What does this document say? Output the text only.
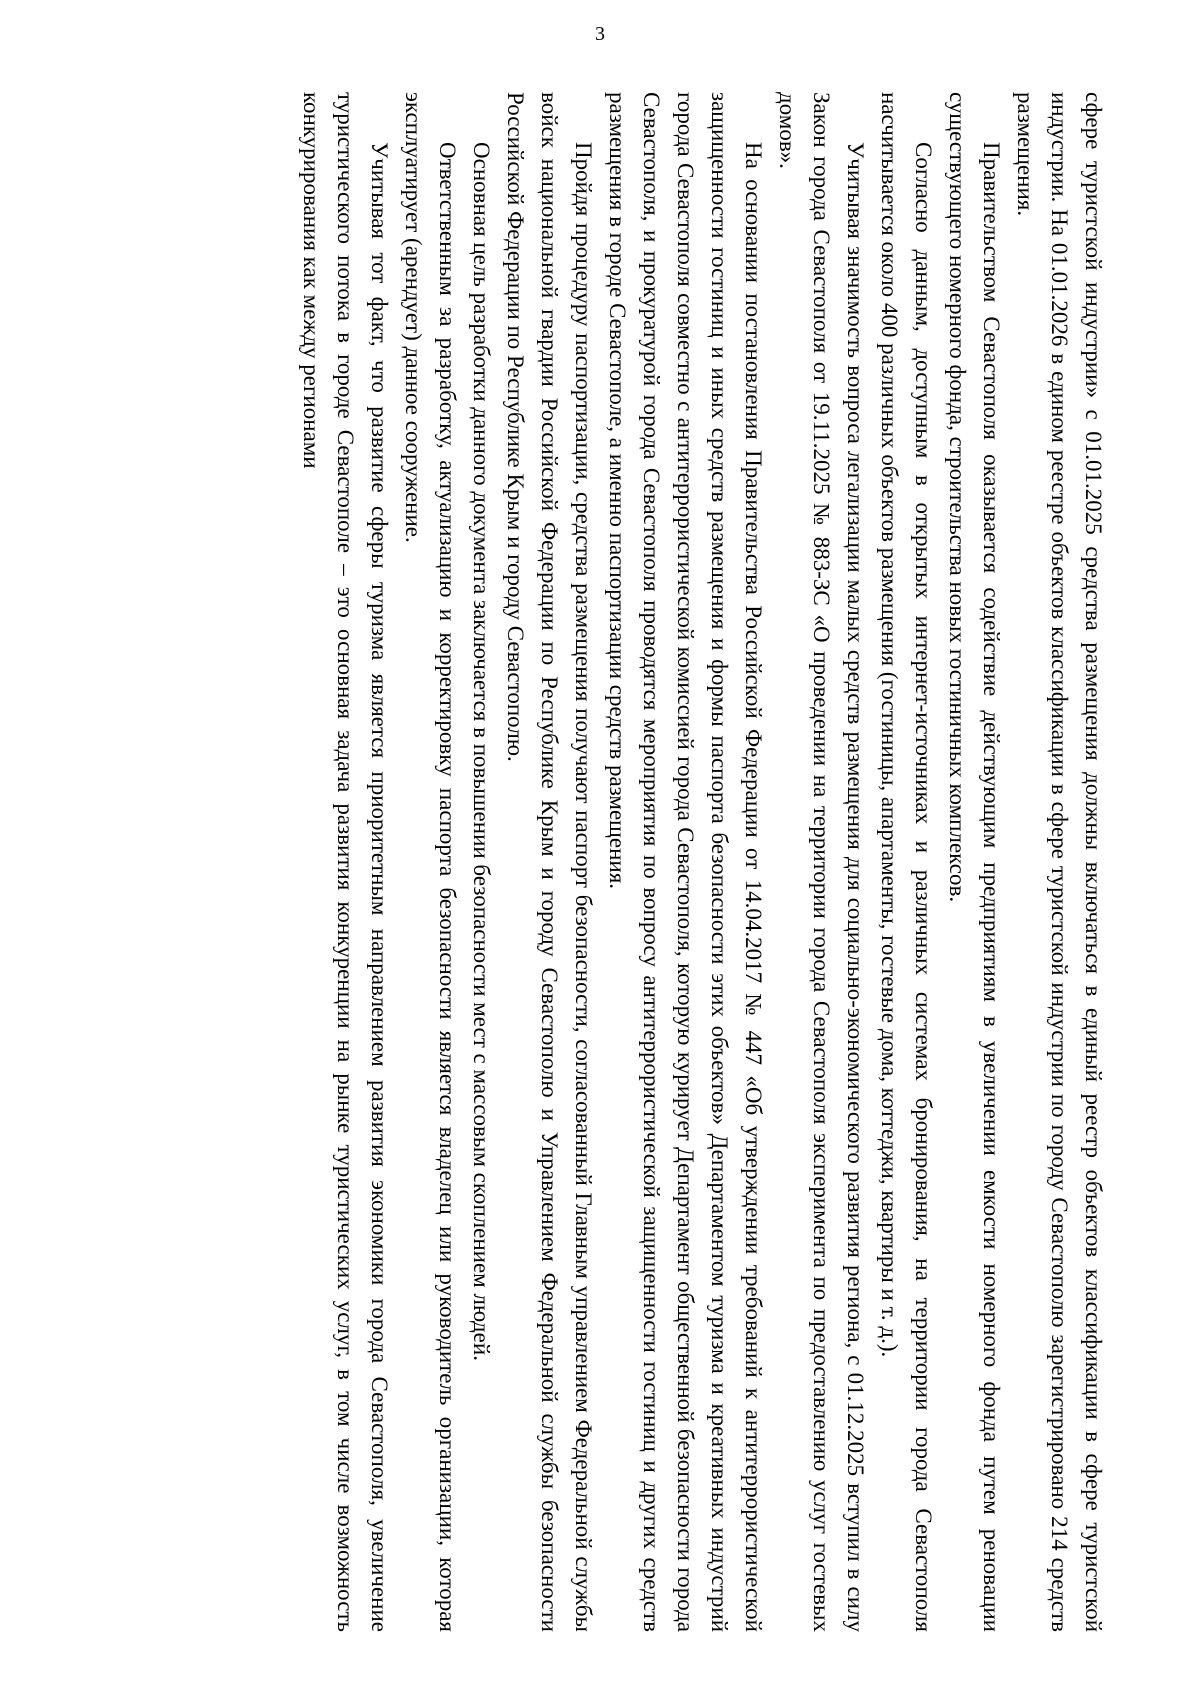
3

сфере туристской индустрии» с 01.01.2025 средства размещения должны включаться в единый реестр объектов классификации в сфере туристской индустрии. На 01.01.2026 в едином реестре объектов классификации в сфере туристской индустрии по городу Севастополю зарегистрировано 214 средств размещения.

Правительством Севастополя оказывается содействие действующим предприятиям в увеличении емкости номерного фонда путем реновации существующего номерного фонда, строительства новых гостиничных комплексов.

Согласно данным, доступным в открытых интернет-источниках и различных системах бронирования, на территории города Севастополя насчитывается около 400 различных объектов размещения (гостиницы, апартаменты, гостевые дома, коттеджи, квартиры и т. д.).

Учитывая значимость вопроса легализации малых средств размещения для социально-экономического развития региона, с 01.12.2025 вступил в силу Закон города Севастополя от 19.11.2025 № 883-ЗС «О проведении на территории города Севастополя эксперимента по предоставлению услуг гостевых домов».

На основании постановления Правительства Российской Федерации от 14.04.2017 № 447 «Об утверждении требований к антитеррористической защищенности гостиниц и иных средств размещения и формы паспорта безопасности этих объектов» Департаментом туризма и креативных индустрий города Севастополя совместно с антитеррористической комиссией города Севастополя, которую курирует Департамент общественной безопасности города Севастополя, и прокуратурой города Севастополя проводятся мероприятия по вопросу антитеррористической защищенности гостиниц и других средств размещения в городе Севастополе, а именно паспортизации средств размещения.

Пройдя процедуру паспортизации, средства размещения получают паспорт безопасности, согласованный Главным управлением Федеральной службы войск национальной гвардии Российской Федерации по Республике Крым и городу Севастополю и Управлением Федеральной службы безопасности Российской Федерации по Республике Крым и городу Севастополю.

Основная цель разработки данного документа заключается в повышении безопасности мест с массовым скоплением людей.

Ответственным за разработку, актуализацию и корректировку паспорта безопасности является владелец или руководитель организации, которая эксплуатирует (арендует) данное сооружение.

Учитывая тот факт, что развитие сферы туризма является приоритетным направлением развития экономики города Севастополя, увеличение туристического потока в городе Севастополе – это основная задача развития конкуренции на рынке туристических услуг, в том числе возможность конкурирования как между регионами
